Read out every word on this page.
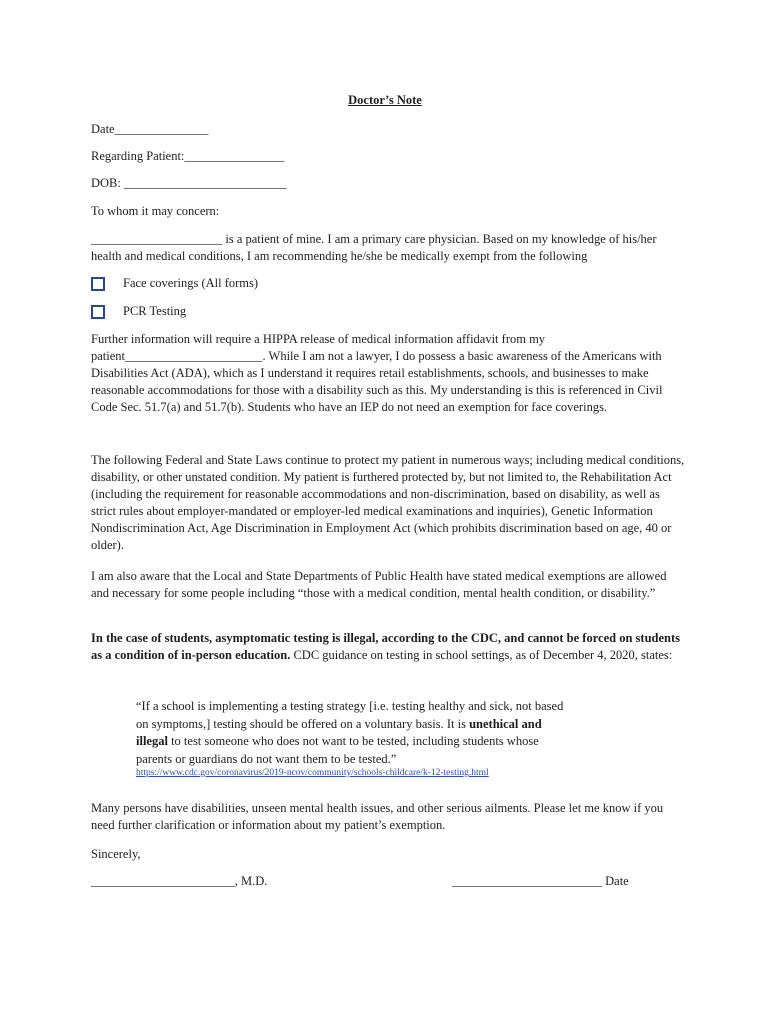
Doctor’s Note

Date_______________

Regarding Patient:________________

DOB: __________________________

To whom it may concern:

_____________________ is a patient of mine. I am a primary care physician. Based on my knowledge of his/her health and medical conditions, I am recommending he/she be medically exempt from the following

Face coverings (All forms)

PCR Testing

Further information will require a HIPPA release of medical information affidavit from my patient______________________. While I am not a lawyer, I do possess a basic awareness of the Americans with Disabilities Act (ADA), which as I understand it requires retail establishments, schools, and businesses to make reasonable accommodations for those with a disability such as this. My understanding is this is referenced in Civil Code Sec. 51.7(a) and 51.7(b). Students who have an IEP do not need an exemption for face coverings.

The following Federal and State Laws continue to protect my patient in numerous ways; including medical conditions, disability, or other unstated condition. My patient is furthered protected by, but not limited to, the Rehabilitation Act (including the requirement for reasonable accommodations and non-discrimination, based on disability, as well as strict rules about employer-mandated or employer-led medical examinations and inquiries), Genetic Information Nondiscrimination Act, Age Discrimination in Employment Act (which prohibits discrimination based on age, 40 or older).

I am also aware that the Local and State Departments of Public Health have stated medical exemptions are allowed and necessary for some people including “those with a medical condition, mental health condition, or disability.”

In the case of students, asymptomatic testing is illegal, according to the CDC, and cannot be forced on students as a condition of in-person education. CDC guidance on testing in school settings, as of December 4, 2020, states:

“If a school is implementing a testing strategy [i.e. testing healthy and sick, not based on symptoms,] testing should be offered on a voluntary basis. It is unethical and illegal to test someone who does not want to be tested, including students whose parents or guardians do not want them to be tested.”

https://www.cdc.gov/coronavirus/2019-ncov/community/schools-childcare/k-12-testing.html

Many persons have disabilities, unseen mental health issues, and other serious ailments. Please let me know if you need further clarification or information about my patient’s exemption.

Sincerely,

_______________________, M.D.	________________________ Date
